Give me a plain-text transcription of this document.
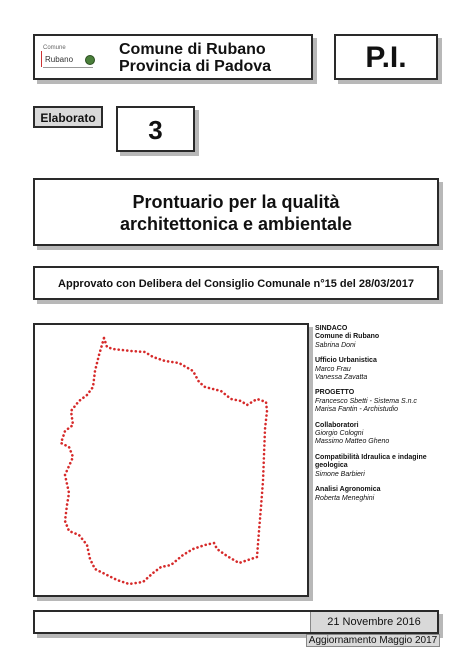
Comune
Rubano
Comune di Rubano
Provincia di Padova	P.I.
Elaborato	3
Prontuario per la qualità
architettonica e ambientale
Approvato con Delibera del Consiglio Comunale n°15 del 28/03/2017
SINDACO
Comune di Rubano
Sabrina Doni
Ufficio Urbanistica
Marco Frau
Vanessa Zavatta
PROGETTO
Francesco Sbetti - Sistema S.n.c
Marisa Fantin - Archistudio
Collaboratori
Giorgio Cologni
Massimo Matteo Gheno
Compatibilità Idraulica e indagine geologica
Simone Barbieri
Analisi Agronomica
Roberta Meneghini
21 Novembre 2016
Aggiornamento Maggio 2017
